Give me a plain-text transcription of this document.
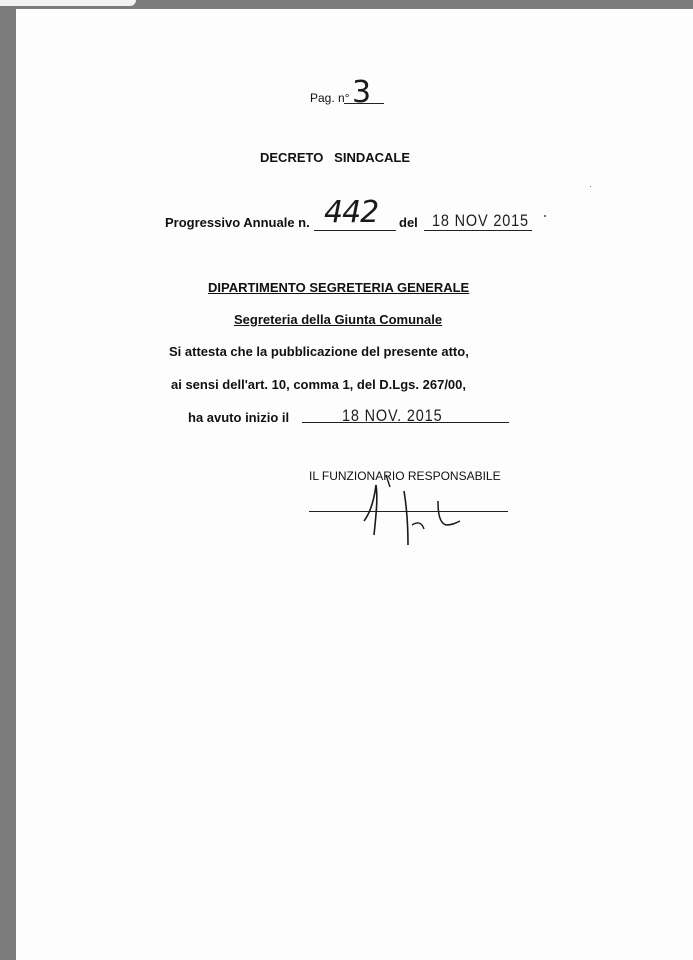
Pag. n° 3
DECRETO   SINDACALE
Progressivo Annuale n. 442 del 18 NOV 2015
DIPARTIMENTO SEGRETERIA GENERALE
Segreteria della Giunta Comunale
Si attesta che la pubblicazione del presente atto,
ai sensi dell'art. 10, comma 1, del D.Lgs. 267/00,
ha avuto inizio il	18 NOV. 2015
IL FUNZIONARIO RESPONSABILE
